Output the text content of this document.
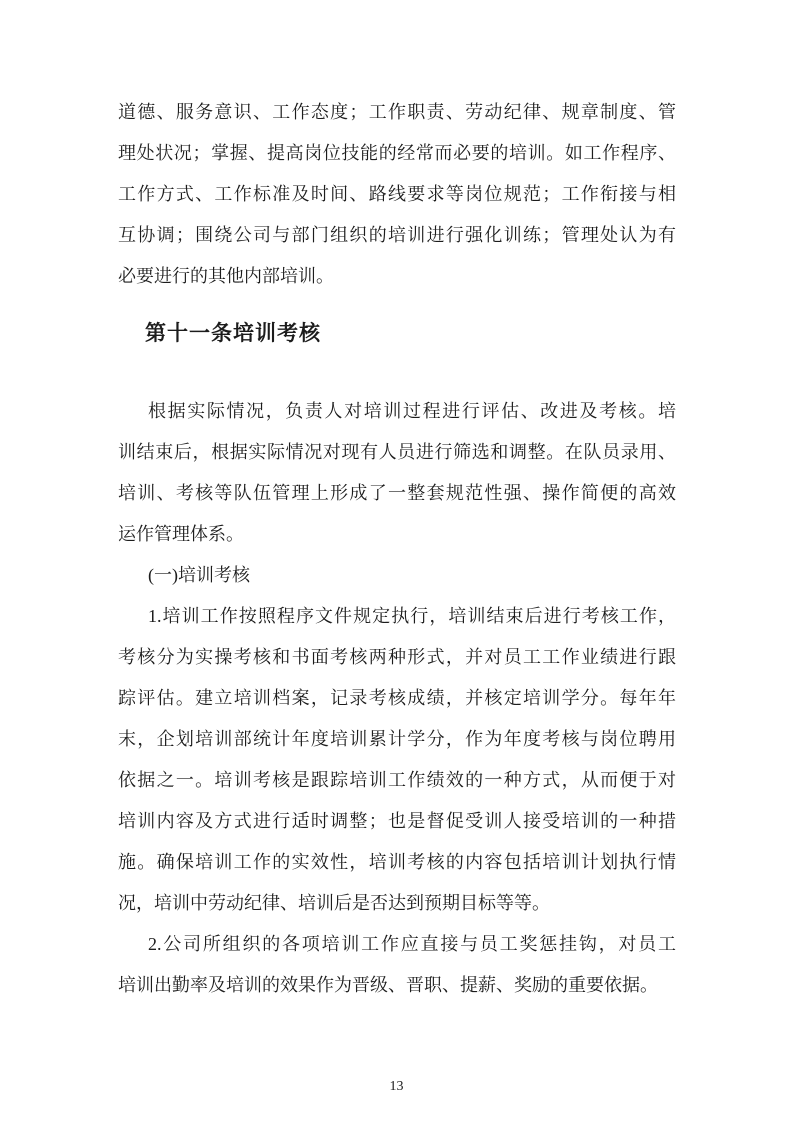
道德、服务意识、工作态度；工作职责、劳动纪律、规章制度、管
理处状况；掌握、提高岗位技能的经常而必要的培训。如工作程序、
工作方式、工作标准及时间、路线要求等岗位规范；工作衔接与相
互协调；围绕公司与部门组织的培训进行强化训练；管理处认为有
必要进行的其他内部培训。
第十一条培训考核
根据实际情况，负责人对培训过程进行评估、改进及考核。培
训结束后，根据实际情况对现有人员进行筛选和调整。在队员录用、
培训、考核等队伍管理上形成了一整套规范性强、操作简便的高效
运作管理体系。
(一)培训考核
1.培训工作按照程序文件规定执行，培训结束后进行考核工作，
考核分为实操考核和书面考核两种形式，并对员工工作业绩进行跟
踪评估。建立培训档案，记录考核成绩，并核定培训学分。每年年
末，企划培训部统计年度培训累计学分，作为年度考核与岗位聘用
依据之一。培训考核是跟踪培训工作绩效的一种方式，从而便于对
培训内容及方式进行适时调整；也是督促受训人接受培训的一种措
施。确保培训工作的实效性，培训考核的内容包括培训计划执行情
况，培训中劳动纪律、培训后是否达到预期目标等等。
2.公司所组织的各项培训工作应直接与员工奖惩挂钩，对员工
培训出勤率及培训的效果作为晋级、晋职、提薪、奖励的重要依据。
13
